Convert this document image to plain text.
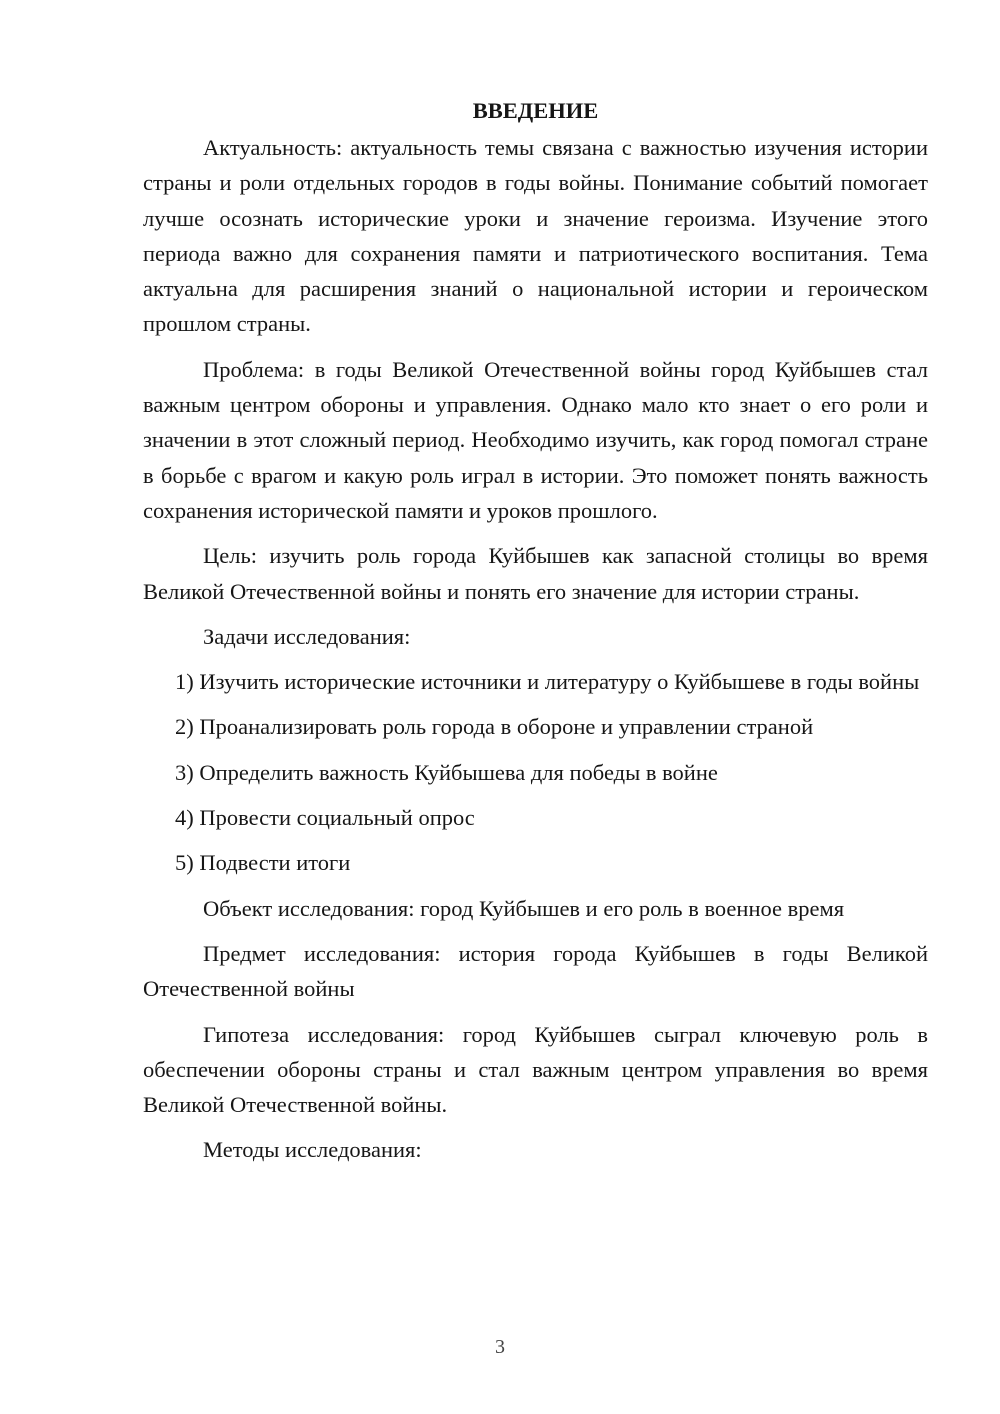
ВВЕДЕНИЕ

Актуальность: актуальность темы связана с важностью изучения истории страны и роли отдельных городов в годы войны. Понимание событий помогает лучше осознать исторические уроки и значение героизма. Изучение этого периода важно для сохранения памяти и патриотического воспитания. Тема актуальна для расширения знаний о национальной истории и героическом прошлом страны.

Проблема: в годы Великой Отечественной войны город Куйбышев стал важным центром обороны и управления. Однако мало кто знает о его роли и значении в этот сложный период. Необходимо изучить, как город помогал стране в борьбе с врагом и какую роль играл в истории. Это поможет понять важность сохранения исторической памяти и уроков прошлого.

Цель: изучить роль города Куйбышев как запасной столицы во время Великой Отечественной войны и понять его значение для истории страны.

Задачи исследования:

1) Изучить исторические источники и литературу о Куйбышеве в годы войны

2) Проанализировать роль города в обороне и управлении страной

3) Определить важность Куйбышева для победы в войне

4) Провести социальный опрос

5) Подвести итоги

Объект исследования: город Куйбышев и его роль в военное время

Предмет исследования: история города Куйбышев в годы Великой Отечественной войны

Гипотеза исследования: город Куйбышев сыграл ключевую роль в обеспечении обороны страны и стал важным центром управления во время Великой Отечественной войны.

Методы исследования:

3
